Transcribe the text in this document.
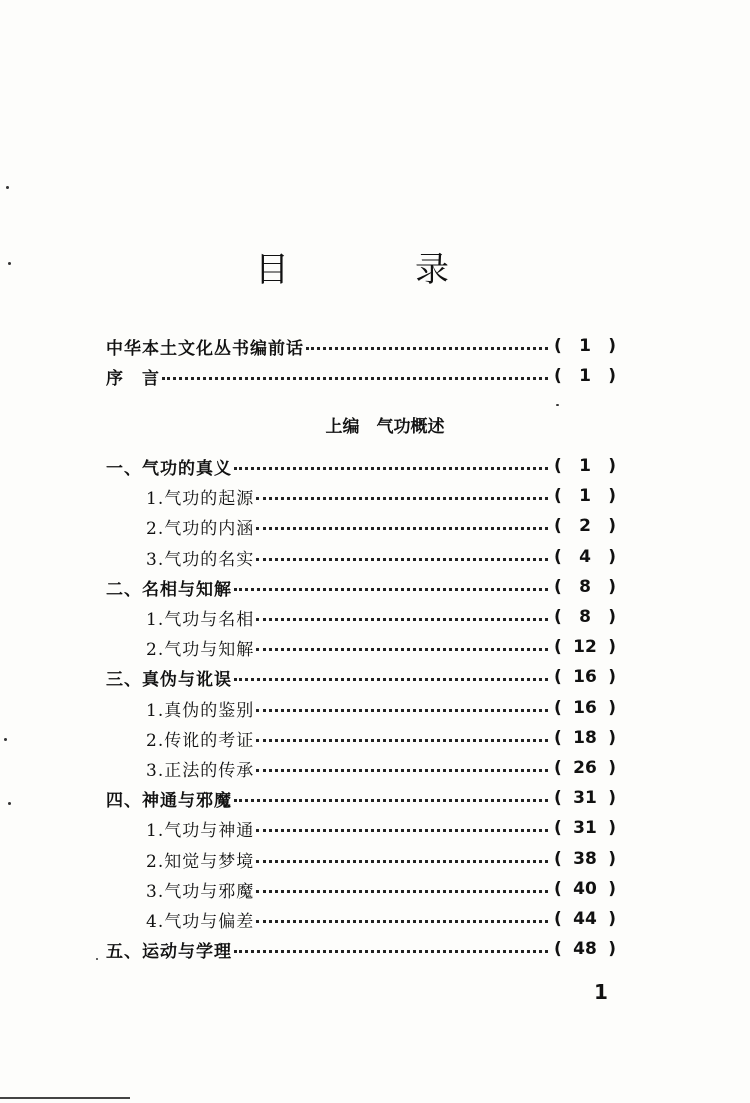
目　录
中华本土文化丛书编前话	(	1	)
序　言	(	1	)
上编　气功概述
一、气功的真义	(	1	)
1.气功的起源	(	1	)
2.气功的内涵	(	2	)
3.气功的名实	(	4	)
二、名相与知解	(	8	)
1.气功与名相	(	8	)
2.气功与知解	( 12 )
三、真伪与讹误	( 16 )
1.真伪的鉴别	( 16 )
2.传讹的考证	( 18 )
3.正法的传承	( 26 )
四、神通与邪魔	( 31 )
1.气功与神通	( 31 )
2.知觉与梦境	( 38 )
3.气功与邪魔	( 40 )
4.气功与偏差	( 44 )
五、运动与学理	( 48 )
1
